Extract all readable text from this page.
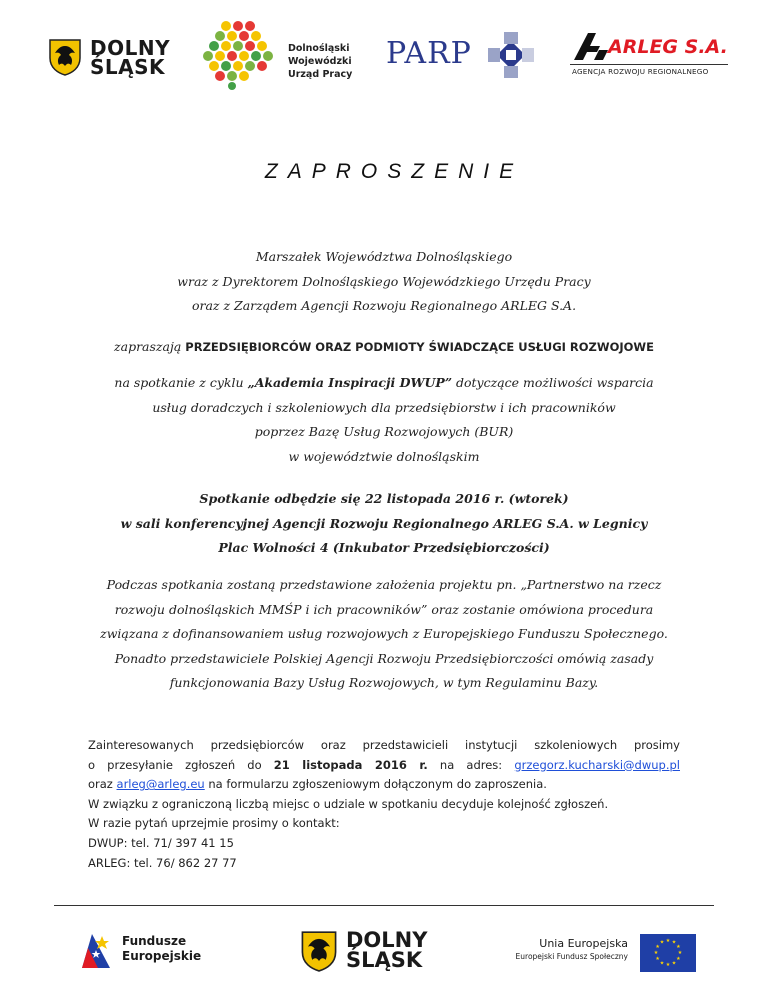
DOLNY
ŚLĄSK
Dolnośląski
Wojewódzki
Urząd Pracy
PARP	ARLEG S.A.
AGENCJA ROZWOJU REGIONALNEGO
ZAPROSZENIE
Marszałek Województwa Dolnośląskiego
wraz z Dyrektorem Dolnośląskiego Wojewódzkiego Urzędu Pracy
oraz z Zarządem Agencji Rozwoju Regionalnego ARLEG S.A.
zapraszają PRZEDSIĘBIORCÓW ORAZ PODMIOTY ŚWIADCZĄCE USŁUGI ROZWOJOWE
na spotkanie z cyklu „Akademia Inspiracji DWUP” dotyczące możliwości wsparcia
usług doradczych i szkoleniowych dla przedsiębiorstw i ich pracowników
poprzez Bazę Usług Rozwojowych (BUR)
w województwie dolnośląskim
Spotkanie odbędzie się 22 listopada 2016 r. (wtorek)
w sali konferencyjnej Agencji Rozwoju Regionalnego ARLEG S.A. w Legnicy
Plac Wolności 4 (Inkubator Przedsiębiorczości)
Podczas spotkania zostaną przedstawione założenia projektu pn. „Partnerstwo na rzecz
rozwoju dolnośląskich MMŚP i ich pracowników” oraz zostanie omówiona procedura
związana z dofinansowaniem usług rozwojowych z Europejskiego Funduszu Społecznego.
Ponadto przedstawiciele Polskiej Agencji Rozwoju Przedsiębiorczości omówią zasady
funkcjonowania Bazy Usług Rozwojowych, w tym Regulaminu Bazy.
Zainteresowanych przedsiębiorców oraz przedstawicieli instytucji szkoleniowych prosimy
o przesyłanie zgłoszeń do 21 listopada 2016 r. na adres: grzegorz.kucharski@dwup.pl
oraz arleg@arleg.eu na formularzu zgłoszeniowym dołączonym do zaproszenia.
W związku z ograniczoną liczbą miejsc o udziale w spotkaniu decyduje kolejność zgłoszeń.
W razie pytań uprzejmie prosimy o kontakt:
DWUP: tel. 71/ 397 41 15
ARLEG: tel. 76/ 862 27 77
Fundusze
Europejskie
DOLNY
ŚLĄSK
Unia Europejska
Europejski Fundusz Społeczny
★ ★
★
★
★
★
★
★
★
★
★
★
